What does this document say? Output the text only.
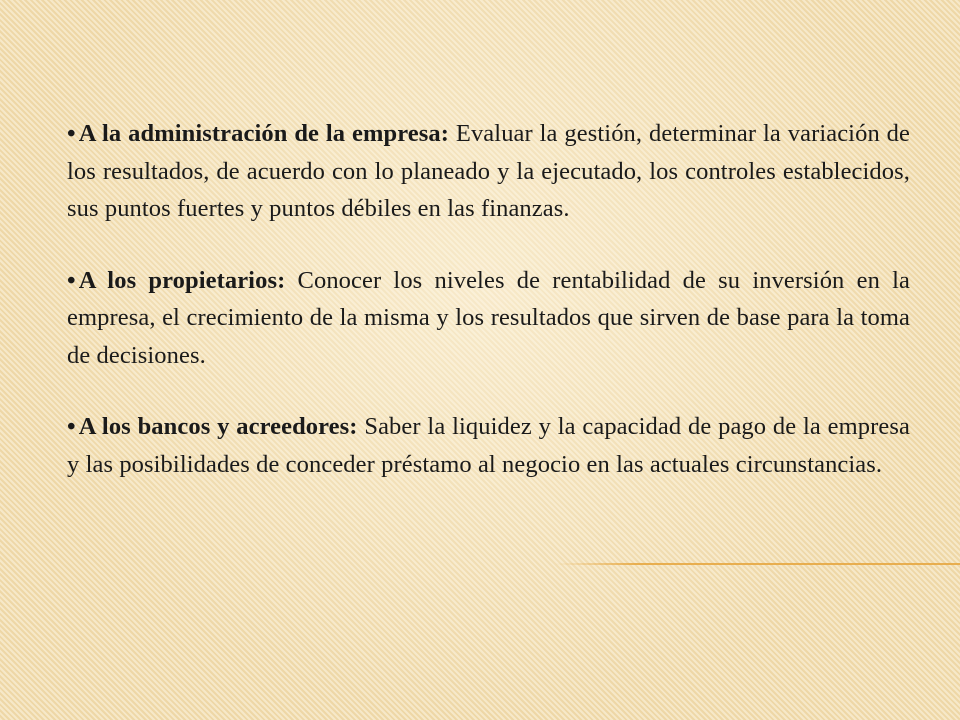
• A la administración de la empresa: Evaluar la gestión, determinar la variación de los resultados, de acuerdo con lo planeado y la ejecutado, los controles establecidos, sus puntos fuertes y puntos débiles en las finanzas.

• A los propietarios: Conocer los niveles de rentabilidad de su inversión en la empresa, el crecimiento de la misma y los resultados que sirven de base para la toma de decisiones.

• A los bancos y acreedores: Saber la liquidez y la capacidad de pago de la empresa y las posibilidades de conceder préstamo al negocio en las actuales circunstancias.
